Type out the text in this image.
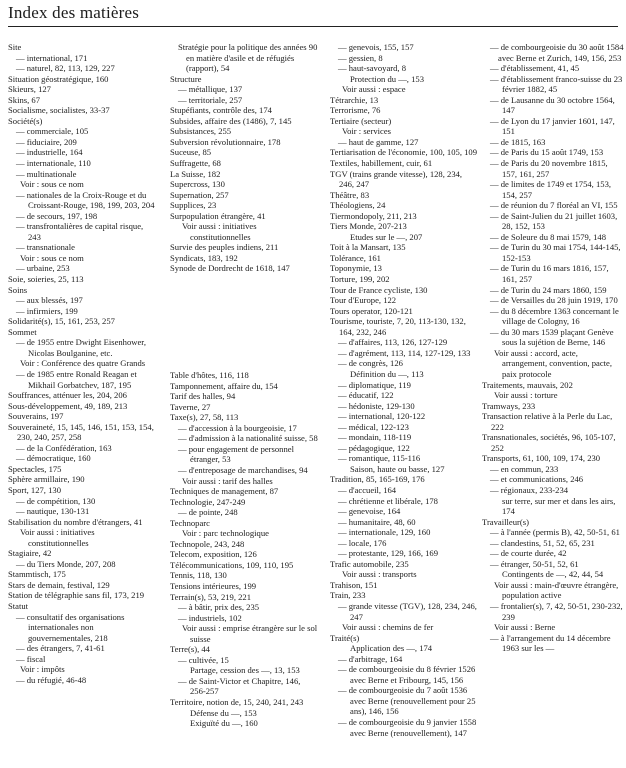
Index des matières
Site
— international, 171
— naturel, 82, 113, 129, 227
Situation géostratégique, 160
Skieurs, 127
Skins, 67
Socialisme, socialistes, 33-37
Société(s)
— commerciale, 105
— fiduciaire, 209
— industrielle, 164
— internationale, 110
— multinationale
Voir : sous ce nom
— nationales de la Croix-Rouge et du Croissant-Rouge, 198, 199, 203, 204
— de secours, 197, 198
— transfrontalières de capital risque, 243
— transnationale
Voir : sous ce nom
— urbaine, 253
Soie, soieries, 25, 113
Soins
— aux blessés, 197
— infirmiers, 199
Solidarité(s), 15, 161, 253, 257
Sommet
— de 1955 entre Dwight Eisenhower, Nicolas Boulganine, etc.
Voir : Conférence des quatre Grands
— de 1985 entre Ronald Reagan et Mikhail Gorbatchev, 187, 195
Souffrances, atténuer les, 204, 206
Sous-développement, 49, 189, 213
Souverains, 197
Souveraineté, 15, 145, 146, 151, 153, 154, 230, 240, 257, 258
— de la Confédération, 163
— démocratique, 160
Spectacles, 175
Sphère armillaire, 190
Sport, 127, 130
— de compétition, 130
— nautique, 130-131
Stabilisation du nombre d'étrangers, 41
Voir aussi : initiatives constitutionnelles
Stagiaire, 42
— du Tiers Monde, 207, 208
Stammtisch, 175
Stars de demain, festival, 129
Station de télégraphie sans fil, 173, 219
Statut
— consultatif des organisations internationales non gouvernementales, 218
— des étrangers, 7, 41-61
— fiscal
Voir : impôts
— du réfugié, 46-48
Stratégie pour la politique des années 90 en matière d'asile et de réfugiés (rapport), 54
Structure
— métallique, 137
— territoriale, 257
Stupéfiants, contrôle des, 174
Subsides, affaire des (1486), 7, 145
Subsistances, 255
Subversion révolutionnaire, 178
Suceuse, 85
Suffragette, 68
La Suisse, 182
Supercross, 130
Supernation, 257
Supplices, 23
Surpopulation étrangère, 41
Voir aussi : initiatives constitutionnelles
Survie des peuples indiens, 211
Syndicats, 183, 192
Synode de Dordrecht de 1618, 147
Table d'hôtes, 116, 118
Tamponnement, affaire du, 154
Tarif des halles, 94
Taverne, 27
Taxe(s), 27, 58, 113
— d'accession à la bourgeoisie, 17
— d'admission à la nationalité suisse, 58
— pour engagement de personnel étranger, 53
— d'entreposage de marchandises, 94
Voir aussi : tarif des halles
Techniques de management, 87
Technologie, 247-249
— de pointe, 248
Technoparc
Voir : parc technologique
Technopole, 243, 248
Telecom, exposition, 126
Télécommunications, 109, 110, 195
Tennis, 118, 130
Tensions intérieures, 199
Terrain(s), 53, 219, 221
— à bâtir, prix des, 235
— industriels, 102
Voir aussi : emprise étrangère sur le sol suisse
Terre(s), 44
— cultivée, 15
Partage, cession des —, 13, 153
— de Saint-Victor et Chapitre, 146, 256-257
Territoire, notion de, 15, 240, 241, 243
Défense du —, 153
Exiguïté du —, 160
— genevois, 155, 157
— gessien, 8
— haut-savoyard, 8
Protection du —, 153
Voir aussi : espace
Tétrarchie, 13
Terrorisme, 76
Tertiaire (secteur)
Voir : services
— haut de gamme, 127
Tertiarisation de l'économie, 100, 105, 109
Textiles, habillement, cuir, 61
TGV (trains grande vitesse), 128, 234, 246, 247
Théâtre, 83
Théologiens, 24
Tiermondopoly, 211, 213
Tiers Monde, 207-213
Etudes sur le —, 207
Toit à la Mansart, 135
Tolérance, 161
Toponymie, 13
Torture, 199, 202
Tour de France cycliste, 130
Tour d'Europe, 122
Tours operator, 120-121
Tourisme, touriste, 7, 20, 113-130, 132, 164, 232, 246
— d'affaires, 113, 126, 127-129
— d'agrément, 113, 114, 127-129, 133
— de congrès, 126
Définition du —, 113
— diplomatique, 119
— éducatif, 122
— hédoniste, 129-130
— international, 120-122
— médical, 122-123
— mondain, 118-119
— pédagogique, 122
— romantique, 115-116
Saison, haute ou basse, 127
Tradition, 85, 165-169, 176
— d'accueil, 164
— chrétienne et libérale, 178
— genevoise, 164
— humanitaire, 48, 60
— internationale, 129, 160
— locale, 176
— protestante, 129, 166, 169
Trafic automobile, 235
Voir aussi : transports
Trahison, 151
Train, 233
— grande vitesse (TGV), 128, 234, 246, 247
Voir aussi : chemins de fer
Traité(s)
Application des —, 174
— d'arbitrage, 164
— de combourgeoisie du 8 février 1526 avec Berne et Fribourg, 145, 156
— de combourgeoisie du 7 août 1536 avec Berne (renouvellement pour 25 ans), 146, 156
— de combourgeoisie du 9 janvier 1558 avec Berne (renouvellement), 147
— de combourgeoisie du 30 août 1584 avec Berne et Zurich, 149, 156, 253
— d'établissement, 41, 45
— d'établissement franco-suisse du 23 février 1882, 45
— de Lausanne du 30 octobre 1564, 147
— de Lyon du 17 janvier 1601, 147, 151
— de 1815, 163
— de Paris du 15 août 1749, 153
— de Paris du 20 novembre 1815, 157, 161, 257
— de limites de 1749 et 1754, 153, 154, 257
— de réunion du 7 floréal an VI, 155
— de Saint-Julien du 21 juillet 1603, 28, 152, 153
— de Soleure du 8 mai 1579, 148
— de Turin du 30 mai 1754, 144-145, 152-153
— de Turin du 16 mars 1816, 157, 161, 257
— de Turin du 24 mars 1860, 159
— de Versailles du 28 juin 1919, 170
— du 8 décembre 1363 concernant le village de Cologny, 16
— du 30 mars 1539 plaçant Genève sous la sujétion de Berne, 146
Voir aussi : accord, acte, arrangement, convention, pacte, paix protocole
Traitements, mauvais, 202
Voir aussi : torture
Tramways, 233
Transaction relative à la Perle du Lac, 222
Transnationales, sociétés, 96, 105-107, 252
Transports, 61, 100, 109, 174, 230
— en commun, 233
— et communications, 246
— régionaux, 233-234
sur terre, sur mer et dans les airs, 174
Travailleur(s)
— à l'année (permis B), 42, 50-51, 61
— clandestins, 51, 52, 65, 231
— de courte durée, 42
— étranger, 50-51, 52, 61
Contingents de —, 42, 44, 54
Voir aussi : main-d'œuvre étrangère, population active
— frontalier(s), 7, 42, 50-51, 230-232, 239
Voir aussi : Berne
— à l'arrangement du 14 décembre 1963 sur les —
